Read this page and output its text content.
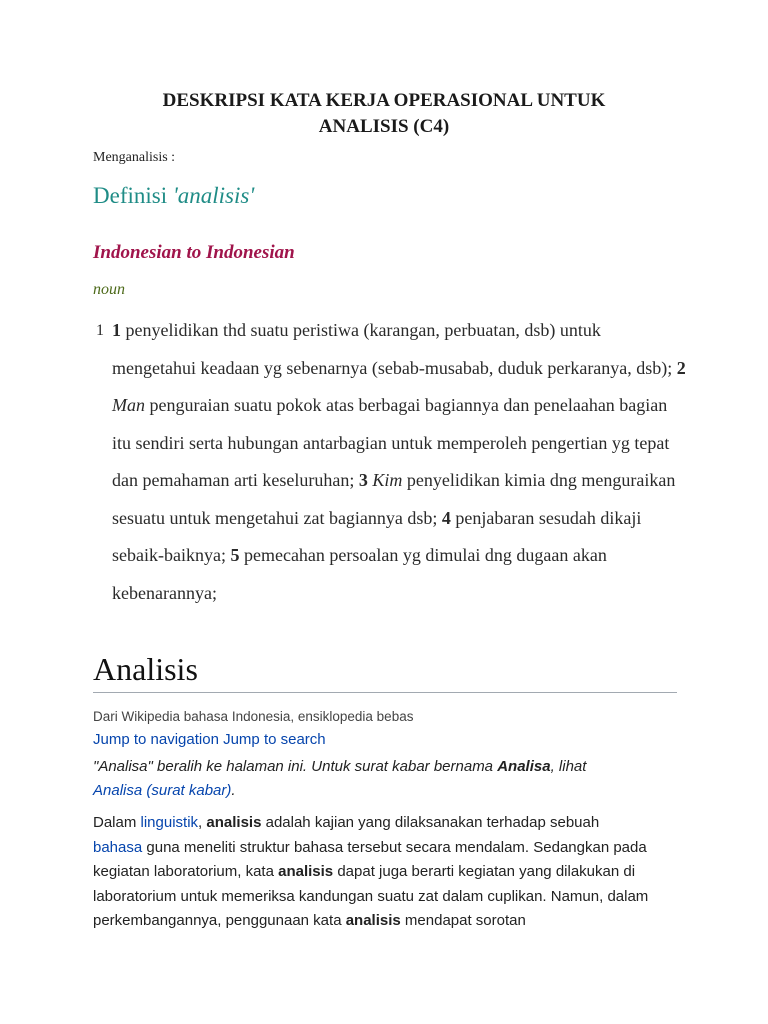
DESKRIPSI KATA KERJA OPERASIONAL UNTUK
ANALISIS (C4)
Menganalisis :
Definisi 'analisis'
Indonesian to Indonesian
noun
1 1 penyelidikan thd suatu peristiwa (karangan, perbuatan, dsb) untuk mengetahui keadaan yg sebenarnya (sebab-musabab, duduk perkaranya, dsb); 2 Man penguraian suatu pokok atas berbagai bagiannya dan penelaahan bagian itu sendiri serta hubungan antarbagian untuk memperoleh pengertian yg tepat dan pemahaman arti keseluruhan; 3 Kim penyelidikan kimia dng menguraikan sesuatu untuk mengetahui zat bagiannya dsb; 4 penjabaran sesudah dikaji sebaik-baiknya; 5 pemecahan persoalan yg dimulai dng dugaan akan kebenarannya;
Analisis
Dari Wikipedia bahasa Indonesia, ensiklopedia bebas
Jump to navigation Jump to search
"Analisa" beralih ke halaman ini. Untuk surat kabar bernama Analisa, lihat
Analisa (surat kabar).
Dalam linguistik, analisis adalah kajian yang dilaksanakan terhadap sebuah
bahasa guna meneliti struktur bahasa tersebut secara mendalam. Sedangkan pada kegiatan laboratorium, kata analisis dapat juga berarti kegiatan yang dilakukan di laboratorium untuk memeriksa kandungan suatu zat dalam cuplikan. Namun, dalam perkembangannya, penggunaan kata analisis mendapat sorotan
